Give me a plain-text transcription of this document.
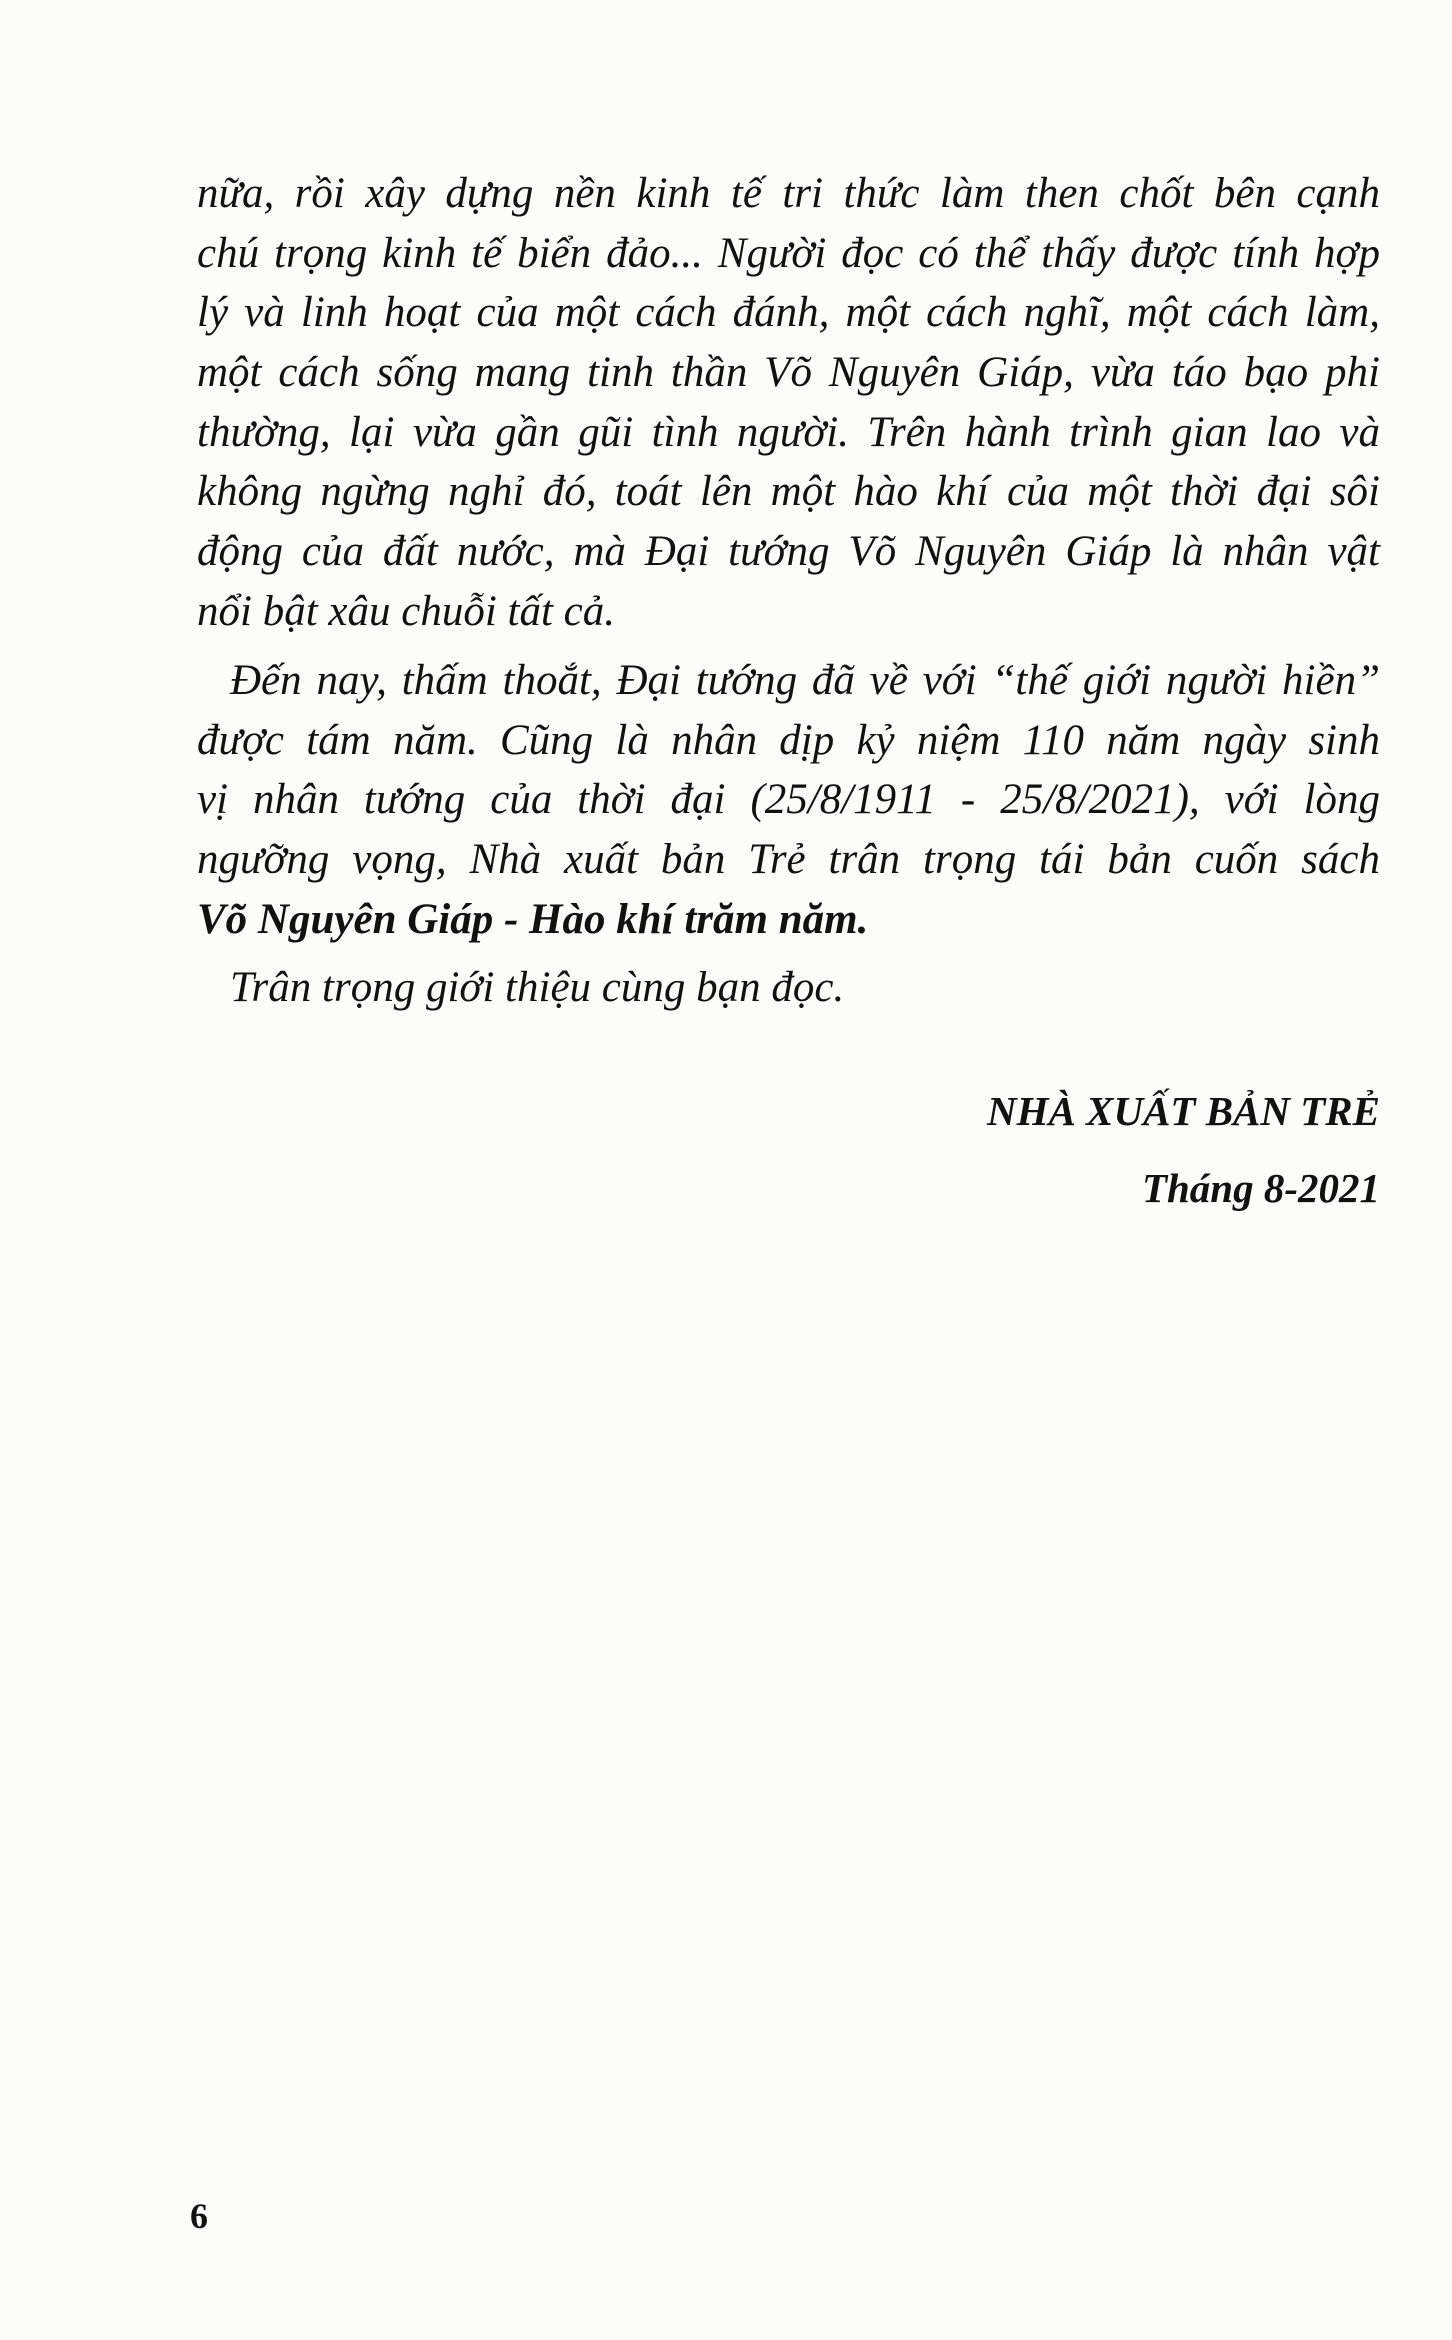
nữa, rồi xây dựng nền kinh tế tri thức làm then chốt bên cạnh
chú trọng kinh tế biển đảo... Người đọc có thể thấy được tính hợp
lý và linh hoạt của một cách đánh, một cách nghĩ, một cách làm,
một cách sống mang tinh thần Võ Nguyên Giáp, vừa táo bạo phi
thường, lại vừa gần gũi tình người. Trên hành trình gian lao và
không ngừng nghỉ đó, toát lên một hào khí của một thời đại sôi
động của đất nước, mà Đại tướng Võ Nguyên Giáp là nhân vật
nổi bật xâu chuỗi tất cả.
Đến nay, thấm thoắt, Đại tướng đã về với “thế giới người hiền”
được tám năm. Cũng là nhân dịp kỷ niệm 110 năm ngày sinh
vị nhân tướng của thời đại (25/8/1911 - 25/8/2021), với lòng
ngưỡng vọng, Nhà xuất bản Trẻ trân trọng tái bản cuốn sách
Võ Nguyên Giáp - Hào khí trăm năm.
Trân trọng giới thiệu cùng bạn đọc.
NHÀ XUẤT BẢN TRẺ
Tháng 8-2021
6
